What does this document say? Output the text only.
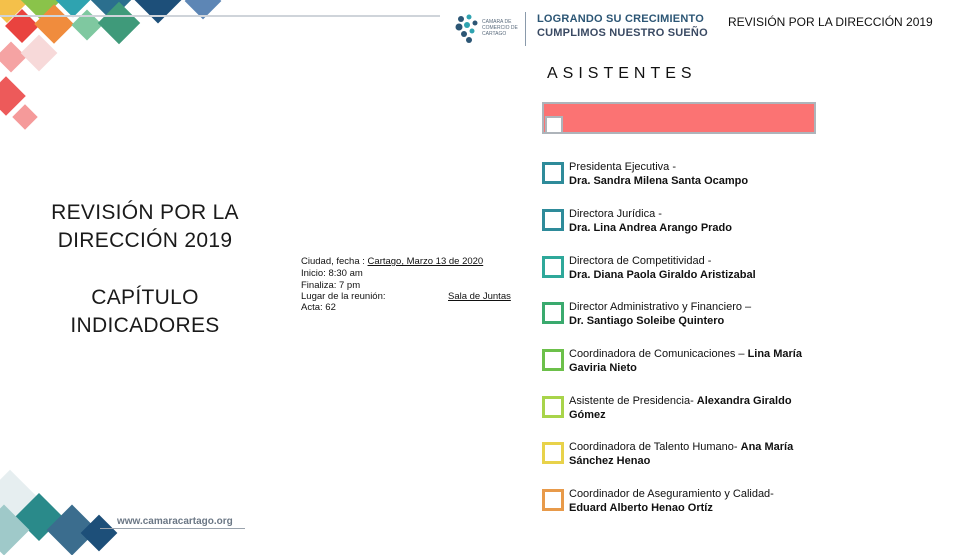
CAMARA DE COMERCIO DE CARTAGO
LOGRANDO SU CRECIMIENTO
CUMPLIMOS NUESTRO SUEÑO
REVISIÓN POR LA DIRECCIÓN 2019
ASISTENTES
REVISIÓN POR LA
DIRECCIÓN 2019
CAPÍTULO
INDICADORES
Ciudad, fecha : Cartago, Marzo 13 de 2020
Inicio: 8:30 am
Finaliza: 7 pm
Lugar de la reunión:	Sala de Juntas
Acta: 62
Presidenta Ejecutiva -
Dra. Sandra Milena Santa Ocampo
Directora Jurídica -
Dra. Lina Andrea Arango Prado
Directora de Competitividad -
Dra. Diana Paola Giraldo Aristizabal
Director Administrativo y Financiero –
Dr. Santiago Soleibe Quintero
Coordinadora de Comunicaciones – Lina María Gaviria Nieto
Asistente de Presidencia- Alexandra Giraldo Gómez
Coordinadora de Talento Humano- Ana María Sánchez Henao
Coordinador de Aseguramiento y Calidad-
Eduard Alberto Henao Ortíz
www.camaracartago.org
